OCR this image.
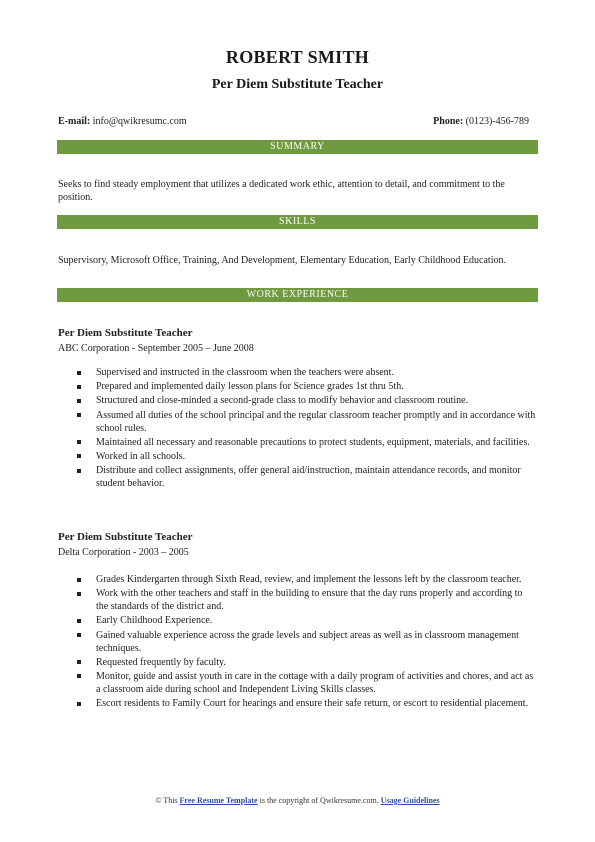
ROBERT SMITH
Per Diem Substitute Teacher
E-mail: info@qwikresumc.com	Phone: (0123)-456-789
SUMMARY
Seeks to find steady employment that utilizes a dedicated work ethic, attention to detail, and commitment to the position.
SKILLS
Supervisory, Microsoft Office, Training, And Development, Elementary Education, Early Childhood Education.
WORK EXPERIENCE
Per Diem Substitute Teacher
ABC Corporation - September 2005 – June 2008
Supervised and instructed in the classroom when the teachers were absent.
Prepared and implemented daily lesson plans for Science grades 1st thru 5th.
Structured and close-minded a second-grade class to modify behavior and classroom routine.
Assumed all duties of the school principal and the regular classroom teacher promptly and in accordance with school rules.
Maintained all necessary and reasonable precautions to protect students, equipment, materials, and facilities.
Worked in all schools.
Distribute and collect assignments, offer general aid/instruction, maintain attendance records, and monitor student behavior.
Per Diem Substitute Teacher
Delta Corporation - 2003 – 2005
Grades Kindergarten through Sixth Read, review, and implement the lessons left by the classroom teacher.
Work with the other teachers and staff in the building to ensure that the day runs properly and according to the standards of the district and.
Early Childhood Experience.
Gained valuable experience across the grade levels and subject areas as well as in classroom management techniques.
Requested frequently by faculty.
Monitor, guide and assist youth in care in the cottage with a daily program of activities and chores, and act as a classroom aide during school and Independent Living Skills classes.
Escort residents to Family Court for hearings and ensure their safe return, or escort to residential placement.
© This Free Resume Template is the copyright of Qwikresume.com. Usage Guidelines
